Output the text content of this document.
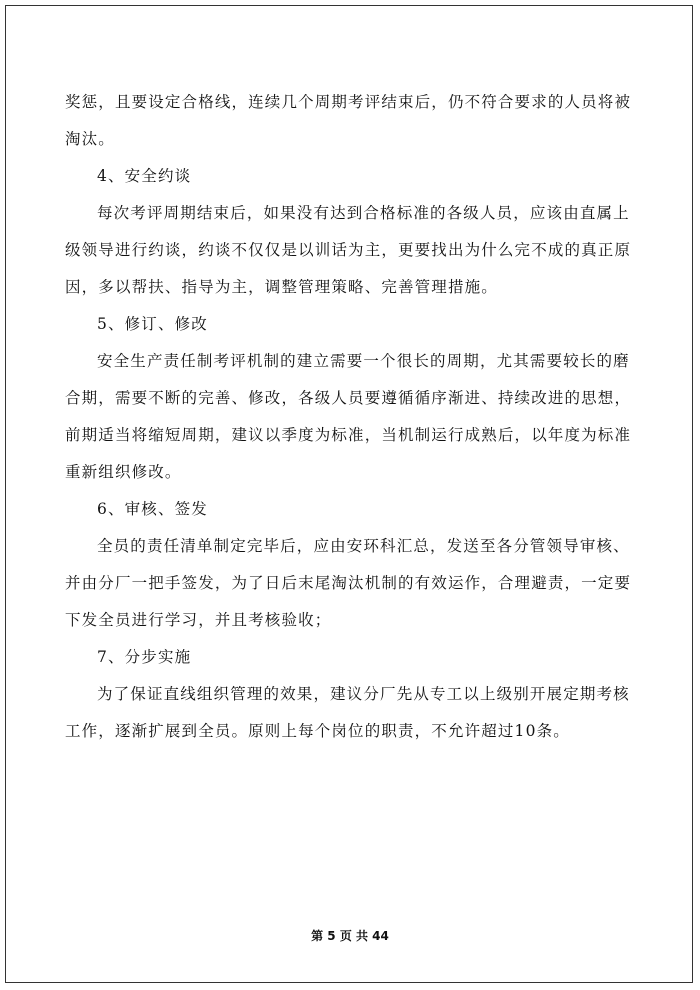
奖惩，且要设定合格线，连续几个周期考评结束后，仍不符合要求的人员将被
淘汰。
4、安全约谈
每次考评周期结束后，如果没有达到合格标准的各级人员，应该由直属上
级领导进行约谈，约谈不仅仅是以训话为主，更要找出为什么完不成的真正原
因，多以帮扶、指导为主，调整管理策略、完善管理措施。
5、修订、修改
安全生产责任制考评机制的建立需要一个很长的周期，尤其需要较长的磨
合期，需要不断的完善、修改，各级人员要遵循循序渐进、持续改进的思想，
前期适当将缩短周期，建议以季度为标准，当机制运行成熟后，以年度为标准
重新组织修改。
6、审核、签发
全员的责任清单制定完毕后，应由安环科汇总，发送至各分管领导审核、
并由分厂一把手签发，为了日后末尾淘汰机制的有效运作，合理避责，一定要
下发全员进行学习，并且考核验收；
7、分步实施
为了保证直线组织管理的效果，建议分厂先从专工以上级别开展定期考核
工作，逐渐扩展到全员。原则上每个岗位的职责，不允许超过10条。
第 5 页 共 44
